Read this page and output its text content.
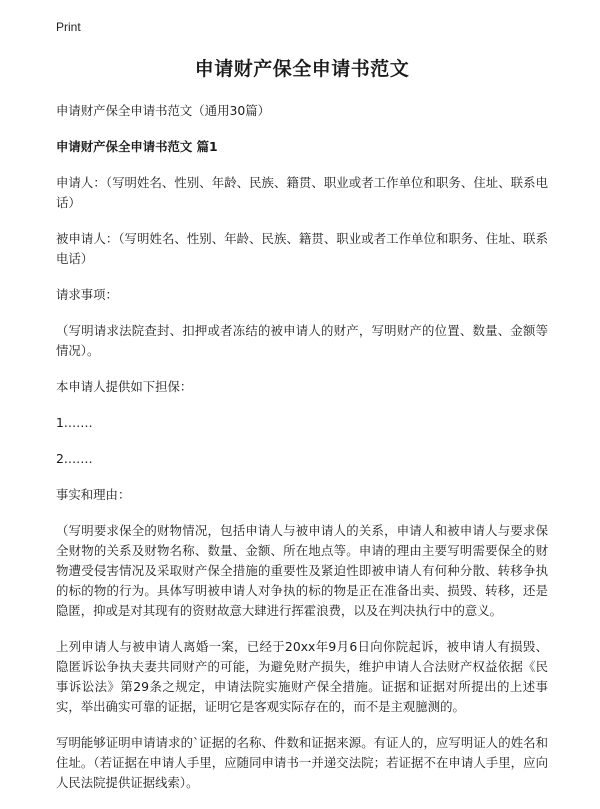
Print
申请财产保全申请书范文

申请财产保全申请书范文（通用30篇）

申请财产保全申请书范文 篇1

申请人：（写明姓名、性别、年龄、民族、籍贯、职业或者工作单位和职务、住址、联系电话）

被申请人：（写明姓名、性别、年龄、民族、籍贯、职业或者工作单位和职务、住址、联系电话）

请求事项：

（写明请求法院查封、扣押或者冻结的被申请人的财产，写明财产的位置、数量、金额等情况）。

本申请人提供如下担保：

1.……

2.……

事实和理由：

（写明要求保全的财物情况，包括申请人与被申请人的关系，申请人和被申请人与要求保全财物的关系及财物名称、数量、金额、所在地点等。申请的理由主要写明需要保全的财物遭受侵害情况及采取财产保全措施的重要性及紧迫性即被申请人有何种分散、转移争执的标的物的行为。具体写明被申请人对争执的标的物是正在准备出卖、损毁、转移，还是隐匿，抑或是对其现有的资财故意大肆进行挥霍浪费，以及在判决执行中的意义。

上列申请人与被申请人离婚一案，已经于20xx年9月6日向你院起诉，被申请人有损毁、隐匿诉讼争执夫妻共同财产的可能，为避免财产损失，维护申请人合法财产权益依据《民事诉讼法》第29条之规定，申请法院实施财产保全措施。证据和证据对所提出的上述事实，举出确实可靠的证据，证明它是客观实际存在的，而不是主观臆测的。

写明能够证明申请请求的`证据的名称、件数和证据来源。有证人的，应写明证人的姓名和住址。（若证据在申请人手里，应随同申请书一并递交法院；若证据不在申请人手里，应向人民法院提供证据线索）。
